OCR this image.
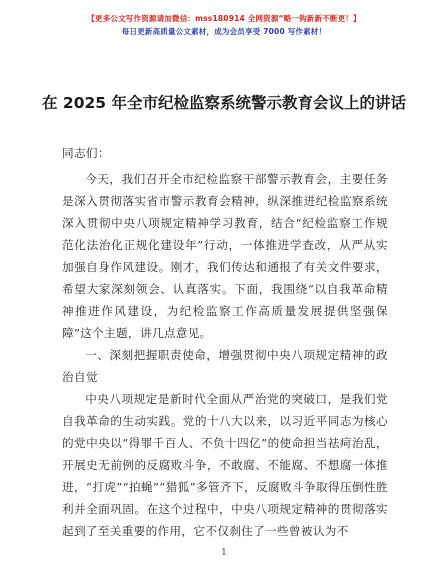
【更多公文写作资源请加微信：mss180914 全网资源“略一钩新新不断更！】
每日更新高质量公文素材，成为会员享受 7000 写作素材！
在 2025 年全市纪检监察系统警示教育会议上的讲话
同志们：

今天，我们召开全市纪检监察干部警示教育会，主要任务是深入贯彻落实省市警示教育会精神，纵深推进纪检监察系统深入贯彻中央八项规定精神学习教育，结合“纪检监察工作规范化法治化正规化建设年”行动，一体推进学查改，从严从实加强自身作风建设。刚才，我们传达和通报了有关文件要求，希望大家深刻领会、认真落实。下面，我围绕“以自我革命精神推进作风建设，为纪检监察工作高质量发展提供坚强保障”这个主题，讲几点意见。

一、深刻把握职责使命，增强贯彻中央八项规定精神的政治自觉

中央八项规定是新时代全面从严治党的突破口，是我们党自我革命的生动实践。党的十八大以来，以习近平同志为核心的党中央以“得罪千百人、不负十四亿”的使命担当祛疴治乱，开展史无前例的反腐败斗争，不敢腐、不能腐、不想腐一体推进，“打虎”“拍蝇”“猎狐”多管齐下，反腐败斗争取得压倒性胜利并全面巩固。在这个过程中，中央八项规定精神的贯彻落实起到了至关重要的作用，它不仅刹住了一些曾被认为不

1
